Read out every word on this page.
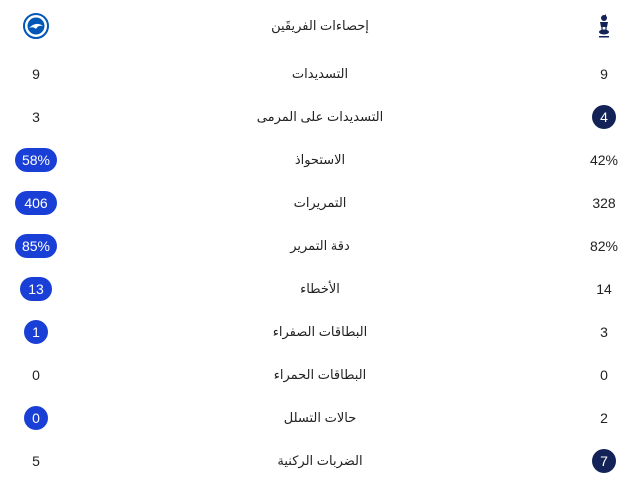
إحصاءات الفريقَين
9	التسديدات	9
3	التسديدات على المرمى	4
58%	الاستحواذ	42%
406	التمريرات	328
85%	دقة التمرير	82%
13	الأخطاء	14
1	البطاقات الصفراء	3
0	البطاقات الحمراء	0
0	حالات التسلل	2
5	الضربات الركنية	7
